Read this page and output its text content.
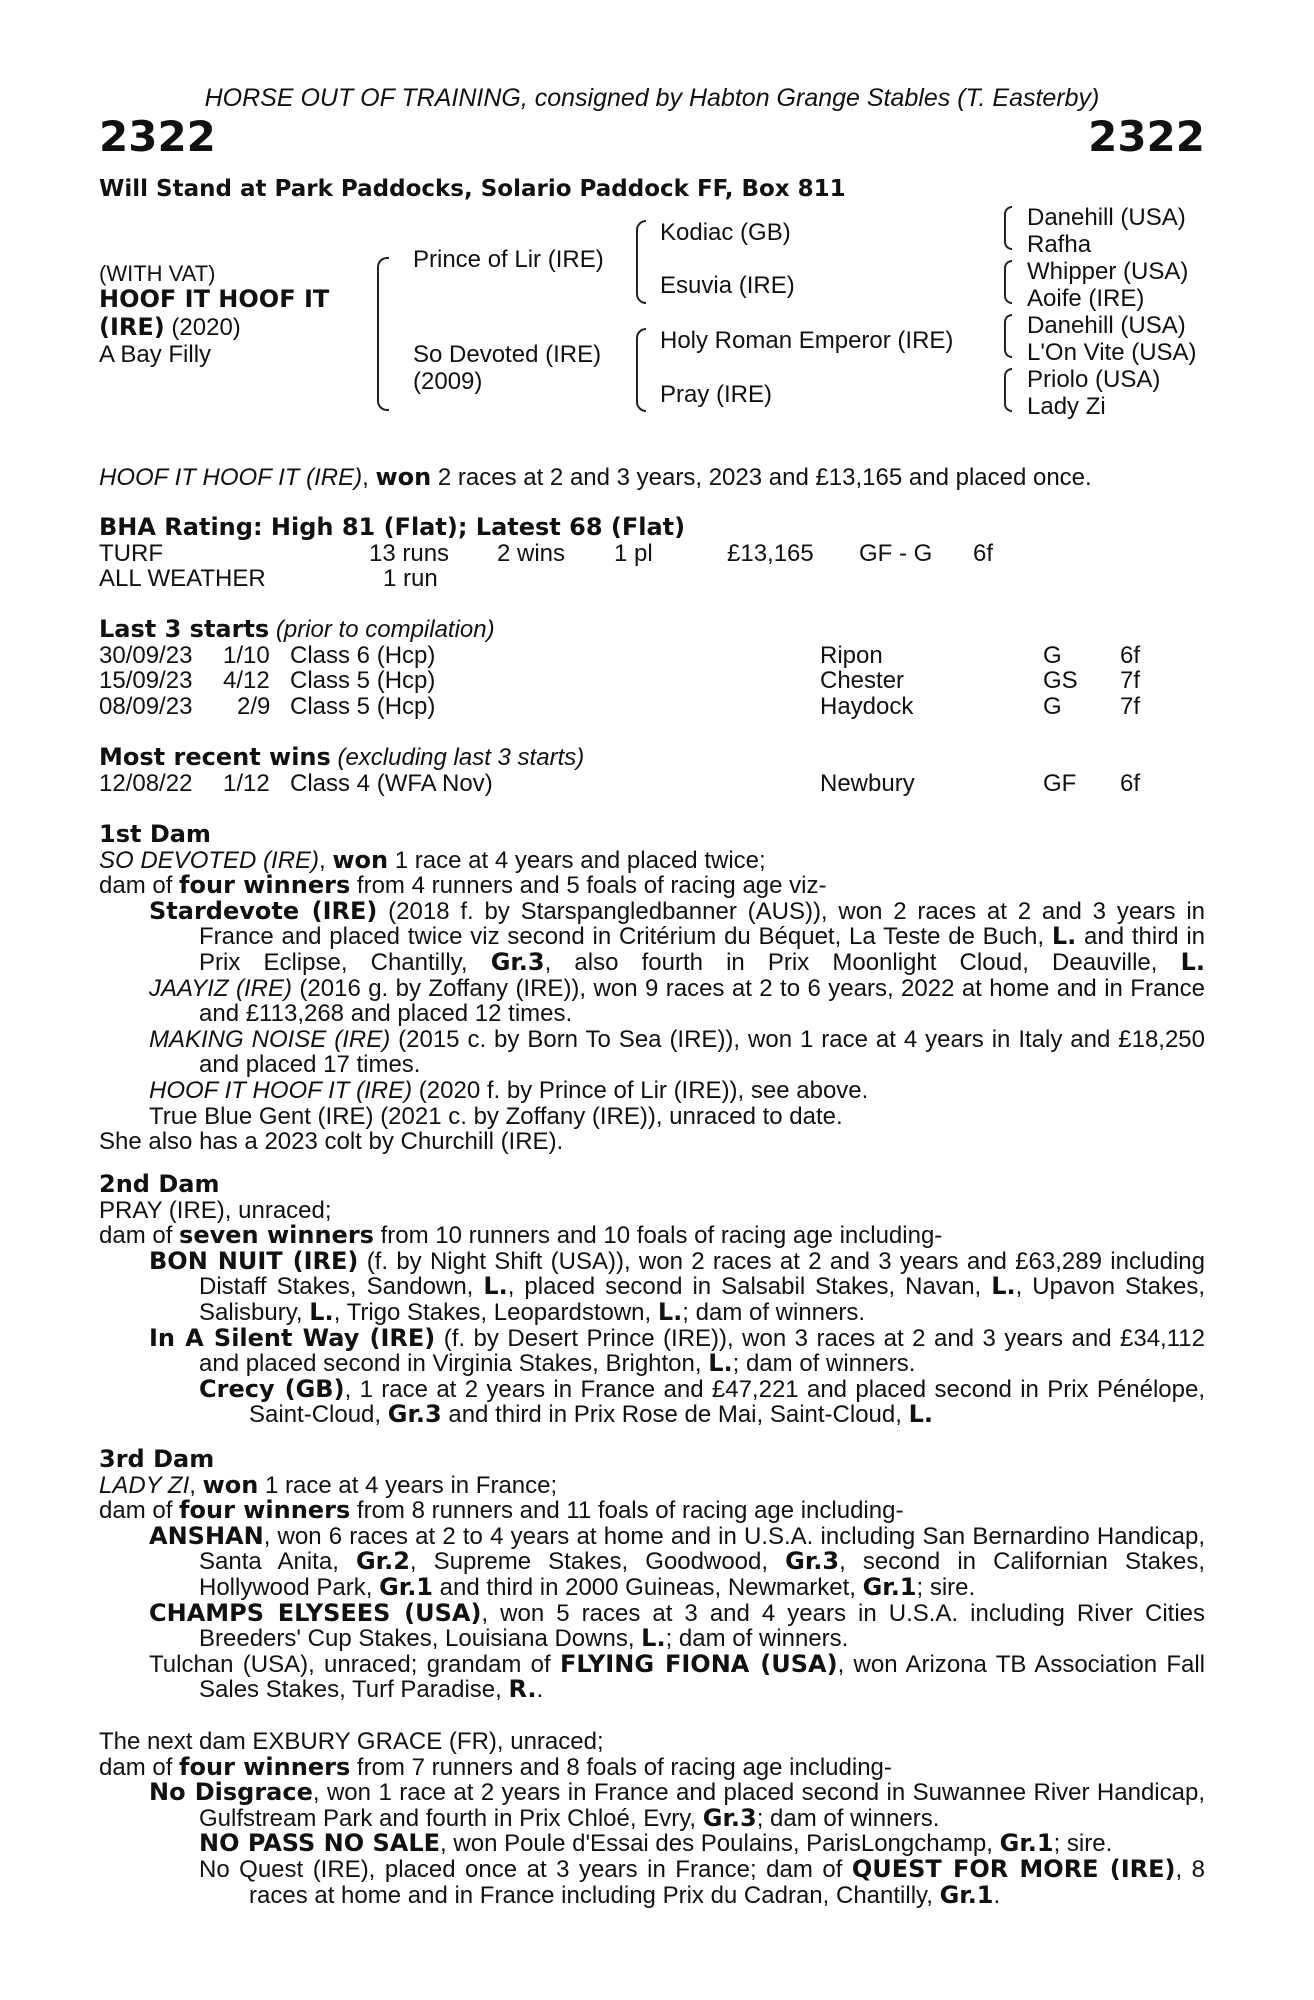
HORSE OUT OF TRAINING, consigned by Habton Grange Stables (T. Easterby)
2322	2322
Will Stand at Park Paddocks, Solario Paddock FF, Box 811
(WITH VAT)
HOOF IT HOOF IT
(IRE) (2020)
A Bay Filly
Prince of Lir (IRE)
So Devoted (IRE)
(2009)
Kodiac (GB)
Esuvia (IRE)
Holy Roman Emperor (IRE)
Pray (IRE)
Danehill (USA)
Rafha
Whipper (USA)
Aoife (IRE)
Danehill (USA)
L'On Vite (USA)
Priolo (USA)
Lady Zi
HOOF IT HOOF IT (IRE), won 2 races at 2 and 3 years, 2023 and £13,165 and placed once.
BHA Rating: High 81 (Flat); Latest 68 (Flat)
TURF	13 runs 2 wins 1 pl	£13,165 GF - G 6f
ALL WEATHER	1 run
Last 3 starts (prior to compilation)
30/09/23 1/10 Class 6 (Hcp)	Ripon	G 6f
15/09/23 4/12 Class 5 (Hcp)	Chester	GS 7f
08/09/23 2/9 Class 5 (Hcp)	Haydock	G 7f
Most recent wins (excluding last 3 starts)
12/08/22 1/12 Class 4 (WFA Nov)	Newbury	GF 6f
1st Dam
SO DEVOTED (IRE), won 1 race at 4 years and placed twice;
dam of four winners from 4 runners and 5 foals of racing age viz-

Stardevote (IRE) (2018 f. by Starspangledbanner (AUS)), won 2 races at 2 and 3 years in France and placed twice viz second in Critérium du Béquet, La Teste de Buch, L. and third in Prix Eclipse, Chantilly, Gr.3, also fourth in Prix Moonlight Cloud, Deauville, L.

JAAYIZ (IRE) (2016 g. by Zoffany (IRE)), won 9 races at 2 to 6 years, 2022 at home and in France and £113,268 and placed 12 times.

MAKING NOISE (IRE) (2015 c. by Born To Sea (IRE)), won 1 race at 4 years in Italy and £18,250 and placed 17 times.

HOOF IT HOOF IT (IRE) (2020 f. by Prince of Lir (IRE)), see above.

True Blue Gent (IRE) (2021 c. by Zoffany (IRE)), unraced to date.

She also has a 2023 colt by Churchill (IRE).
2nd Dam
PRAY (IRE), unraced;
dam of seven winners from 10 runners and 10 foals of racing age including-

BON NUIT (IRE) (f. by Night Shift (USA)), won 2 races at 2 and 3 years and £63,289 including Distaff Stakes, Sandown, L., placed second in Salsabil Stakes, Navan, L., Upavon Stakes, Salisbury, L., Trigo Stakes, Leopardstown, L.; dam of winners.

In A Silent Way (IRE) (f. by Desert Prince (IRE)), won 3 races at 2 and 3 years and £34,112 and placed second in Virginia Stakes, Brighton, L.; dam of winners.

Crecy (GB), 1 race at 2 years in France and £47,221 and placed second in Prix Pénélope, Saint-Cloud, Gr.3 and third in Prix Rose de Mai, Saint-Cloud, L.

3rd Dam
LADY ZI, won 1 race at 4 years in France;
dam of four winners from 8 runners and 11 foals of racing age including-

ANSHAN, won 6 races at 2 to 4 years at home and in U.S.A. including San Bernardino Handicap, Santa Anita, Gr.2, Supreme Stakes, Goodwood, Gr.3, second in Californian Stakes, Hollywood Park, Gr.1 and third in 2000 Guineas, Newmarket, Gr.1; sire.

CHAMPS ELYSEES (USA), won 5 races at 3 and 4 years in U.S.A. including River Cities Breeders' Cup Stakes, Louisiana Downs, L.; dam of winners.

Tulchan (USA), unraced; grandam of FLYING FIONA (USA), won Arizona TB Association Fall Sales Stakes, Turf Paradise, R..

The next dam EXBURY GRACE (FR), unraced;
dam of four winners from 7 runners and 8 foals of racing age including-

No Disgrace, won 1 race at 2 years in France and placed second in Suwannee River Handicap, Gulfstream Park and fourth in Prix Chloé, Evry, Gr.3; dam of winners.

NO PASS NO SALE, won Poule d'Essai des Poulains, ParisLongchamp, Gr.1; sire.

No Quest (IRE), placed once at 3 years in France; dam of QUEST FOR MORE (IRE), 8 races at home and in France including Prix du Cadran, Chantilly, Gr.1.
